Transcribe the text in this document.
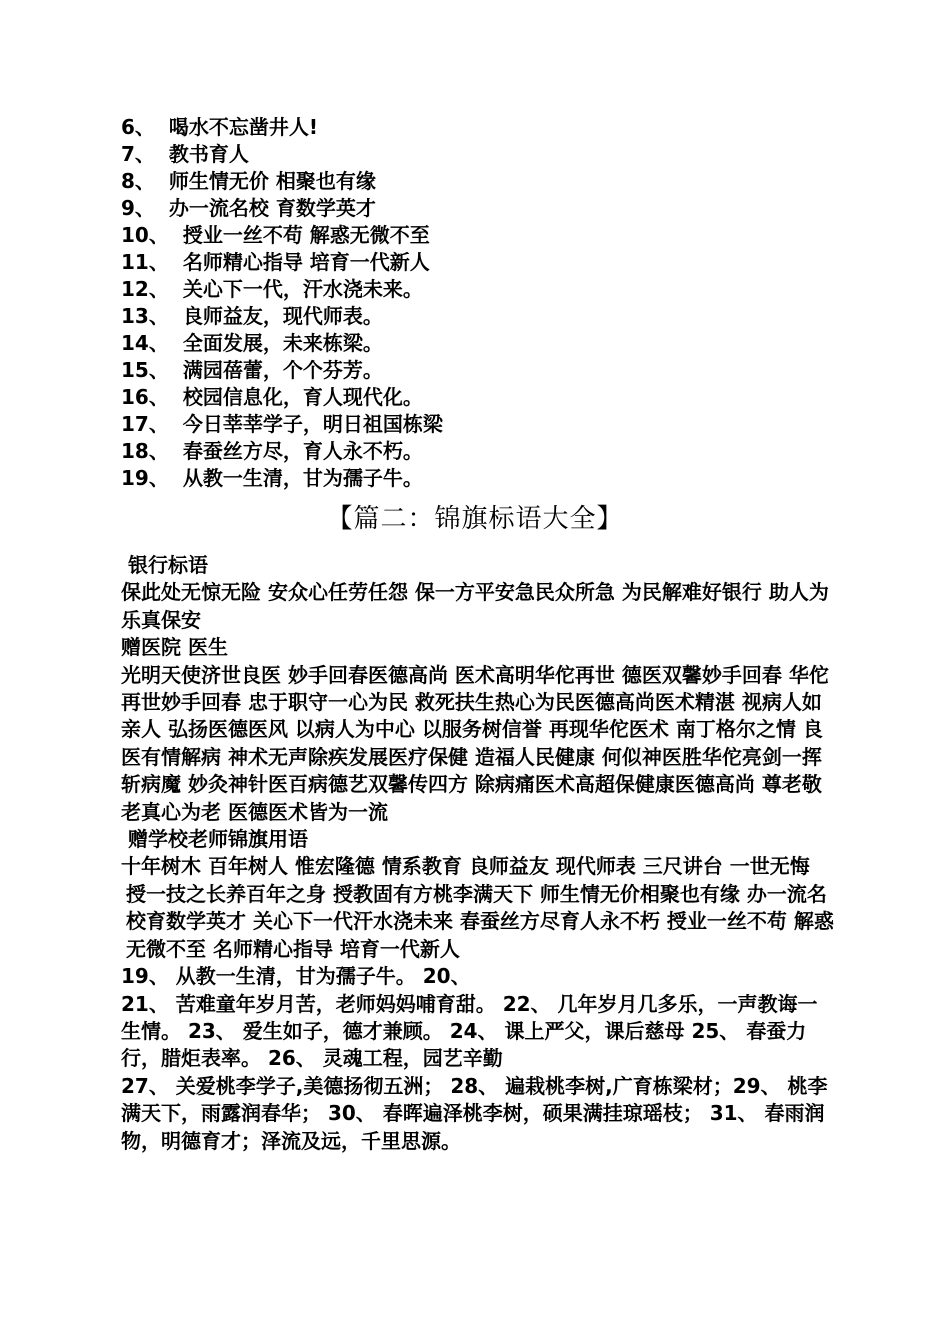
6、 喝水不忘凿井人!
7、 教书育人
8、 师生情无价 相聚也有缘
9、 办一流名校 育数学英才
10、 授业一丝不苟 解惑无微不至
11、 名师精心指导 培育一代新人
12、 关心下一代，汗水浇未来。
13、 良师益友，现代师表。
14、 全面发展，未来栋梁。
15、 满园蓓蕾，个个芬芳。
16、 校园信息化，育人现代化。
17、 今日莘莘学子，明日祖国栋梁
18、 春蚕丝方尽，育人永不朽。
19、 从教一生清，甘为孺子牛。
【篇二：锦旗标语大全】

银行标语

保此处无惊无险 安众心任劳任怨 保一方平安急民众所急 为民解难好银行 助人为乐真保安

赠医院 医生

光明天使济世良医 妙手回春医德高尚 医术高明华佗再世 德医双馨妙手回春 华佗再世妙手回春 忠于职守一心为民 救死扶生热心为民医德高尚医术精湛 视病人如亲人 弘扬医德医风 以病人为中心 以服务树信誉 再现华佗医术 南丁格尔之情 良医有情解病 神术无声除疾发展医疗保健 造福人民健康 何似神医胜华佗亮剑一挥斩病魔 妙灸神针医百病德艺双馨传四方 除病痛医术高超保健康医德高尚 尊老敬老真心为老 医德医术皆为一流

赠学校老师锦旗用语

十年树木 百年树人 惟宏隆德 情系教育 良师益友 现代师表 三尺讲台 一世无悔

授一技之长养百年之身 授教固有方桃李满天下 师生情无价相聚也有缘 办一流名校育数学英才 关心下一代汗水浇未来 春蚕丝方尽育人永不朽 授业一丝不苟 解惑无微不至 名师精心指导 培育一代新人

19、 从教一生清，甘为孺子牛。 20、

21、 苦难童年岁月苦，老师妈妈哺育甜。 22、 几年岁月几多乐，一声教诲一生情。 23、 爱生如子，德才兼顾。 24、 课上严父，课后慈母 25、 春蚕力行，腊炬表率。 26、 灵魂工程，园艺辛勤

27、 关爱桃李学子,美德扬彻五洲； 28、 遍栽桃李树,广育栋梁材；29、 桃李满天下，雨露润春华； 30、 春晖遍泽桃李树，硕果满挂琼瑶枝； 31、 春雨润物，明德育才；泽流及远，千里思源。
